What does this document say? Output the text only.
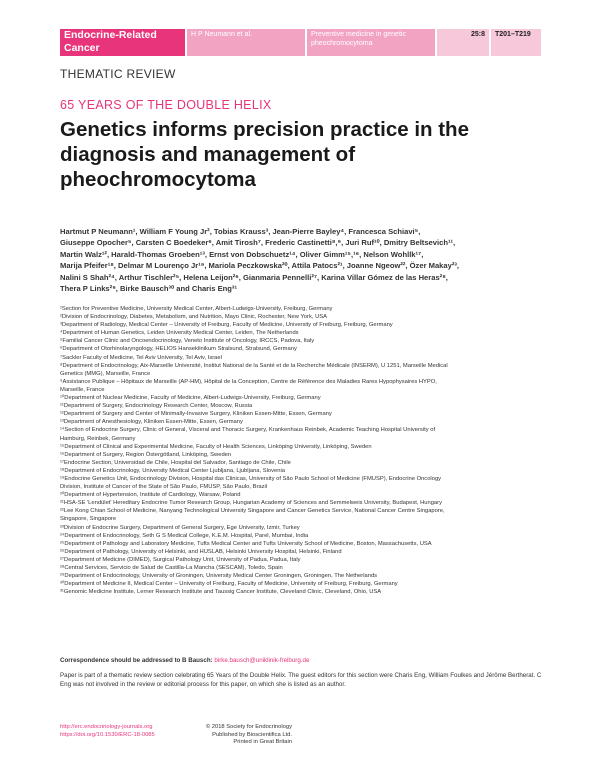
Endocrine-Related
Cancer
H P Neumann et al.	Preventive medicine in genetic
pheochromocytoma
25:8 T201–T219
THEMATIC REVIEW
65 YEARS OF THE DOUBLE HELIX
Genetics informs precision practice in the
diagnosis and management of
pheochromocytoma
Hartmut P Neumann¹, William F Young Jr², Tobias Krauss³, Jean-Pierre Bayley⁴, Francesca Schiavi⁵,
Giuseppe Opocher⁵, Carsten C Boedeker⁶, Amit Tirosh⁷, Frederic Castinetti⁸,⁹, Juri Ruf¹⁰, Dmitry Beltsevich¹¹,
Martin Walz¹², Harald-Thomas Groeben¹³, Ernst von Dobschuetz¹⁴, Oliver Gimm¹⁵,¹⁶, Nelson Wohllk¹⁷,
Marija Pfeifer¹⁸, Delmar M Lourenço Jr¹⁹, Mariola Peczkowska²⁰, Attila Patocs²¹, Joanne Ngeow²², Özer Makay²³,
Nalini S Shah²⁴, Arthur Tischler²⁵, Helena Leijon²⁶, Gianmaria Pennelli²⁷, Karina Villar Gómez de las Heras²⁸,
Thera P Links²⁹, Birke Bausch³⁰ and Charis Eng³¹
¹Section for Preventive Medicine, University Medical Center, Albert-Ludwigs-University, Freiburg, Germany
²Division of Endocrinology, Diabetes, Metabolism, and Nutrition, Mayo Clinic, Rochester, New York, USA
³Department of Radiology, Medical Center – University of Freiburg, Faculty of Medicine, University of Freiburg, Freiburg, Germany
⁴Department of Human Genetics, Leiden University Medical Center, Leiden, The Netherlands
⁵Familial Cancer Clinic and Oncoendocrinology, Veneto Institute of Oncology, IRCCS, Padova, Italy
⁶Department of Otorhinolaryngology, HELIOS Hanseklinikum Stralsund, Stralsund, Germany
⁷Sackler Faculty of Medicine, Tel Aviv University, Tel Aviv, Israel
⁸Department of Endocrinology, Aix-Marseille Université, Institut National de la Santé et de la Recherche Médicale (INSERM), U 1251, Marseille Medical
Genetics (MMG), Marseille, France
⁹Assistance Publique – Hôpitaux de Marseille (AP-HM), Hôpital de la Conception, Centre de Référence des Maladies Rares Hypophysaires HYPO,
Marseille, France
¹⁰Department of Nuclear Medicine, Faculty of Medicine, Albert-Ludwigs-University, Freiburg, Germany
¹¹Department of Surgery, Endocrinology Research Center, Moscow, Russia
¹²Department of Surgery and Center of Minimally-Invasive Surgery, Kliniken Essen-Mitte, Essen, Germany
¹³Department of Anesthesiology, Kliniken Essen-Mitte, Essen, Germany
¹⁴Section of Endocrine Surgery, Clinic of General, Visceral and Thoracic Surgery, Krankenhaus Reinbek, Academic Teaching Hospital University of
Hamburg, Reinbek, Germany
¹⁵Department of Clinical and Experimental Medicine, Faculty of Health Sciences, Linköping University, Linköping, Sweden
¹⁶Department of Surgery, Region Östergötland, Linköping, Sweden
¹⁷Endocrine Section, Universidad de Chile, Hospital del Salvador, Santiago de Chile, Chile
¹⁸Department of Endocrinology, University Medical Center Ljubljana, Ljubljana, Slovenia
¹⁹Endocrine Genetics Unit, Endocrinology Division, Hospital das Clinicas, University of São Paulo School of Medicine (FMUSP), Endocrine Oncology
Division, Institute of Cancer of the State of São Paulo, FMUSP, São Paulo, Brazil
²⁰Department of Hypertension, Institute of Cardiology, Warsaw, Poland
²¹HSA-SE 'Lendület' Hereditary Endocrine Tumor Research Group, Hungarian Academy of Sciences and Semmelweis University, Budapest, Hungary
²²Lee Kong Chian School of Medicine, Nanyang Technological University Singapore and Cancer Genetics Service, National Cancer Centre Singapore,
Singapore, Singapore
²³Division of Endocrine Surgery, Department of General Surgery, Ege University, Izmir, Turkey
²⁴Department of Endocrinology, Seth G S Medical College, K.E.M. Hospital, Parel, Mumbai, India
²⁵Department of Pathology and Laboratory Medicine, Tufts Medical Center and Tufts University School of Medicine, Boston, Massachusetts, USA
²⁶Department of Pathology, University of Helsinki, and HUSLAB, Helsinki University Hospital, Helsinki, Finland
²⁷Department of Medicine (DIMED), Surgical Pathology Unit, University of Padua, Padua, Italy
²⁸Central Services, Servicio de Salud de Castilla-La Mancha (SESCAM), Toledo, Spain
²⁹Department of Endocrinology, University of Groningen, University Medical Center Groningen, Groningen, The Netherlands
³⁰Department of Medicine II, Medical Center – University of Freiburg, Faculty of Medicine, University of Freiburg, Freiburg, Germany
³¹Genomic Medicine Institute, Lerner Research Institute and Taussig Cancer Institute, Cleveland Clinic, Cleveland, Ohio, USA
Correspondence should be addressed to B Bausch: birke.bausch@uniklinik-freiburg.de

Paper is part of a thematic review section celebrating 65 Years of the Double Helix. The guest editors for this section were Charis Eng, William Foulkes and Jérôme Bertherat. C Eng was not involved in the review or editorial process for this paper, on which she is listed as an author.

http://erc.endocrinology-journals.org
https://doi.org/10.1530/ERC-18-0085
© 2018 Society for Endocrinology
Published by Bioscientifica Ltd.
Printed in Great Britain
